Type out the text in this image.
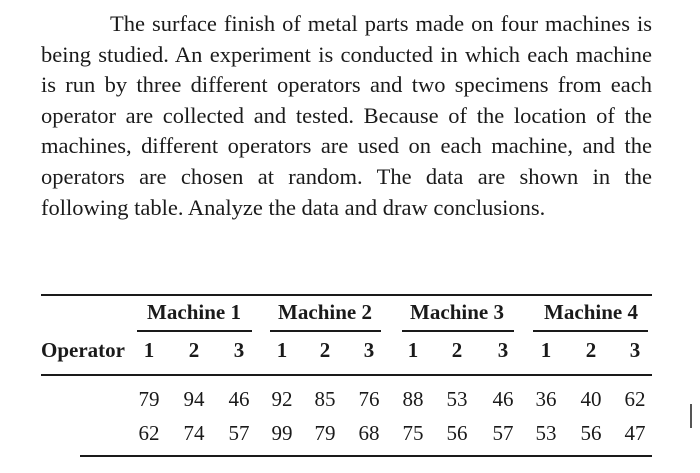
The surface finish of metal parts made on four machines is being studied. An experiment is conducted in which each machine is run by three different operators and two specimens from each operator are collected and tested. Because of the location of the machines, different operators are used on each machine, and the operators are chosen at random. The data are shown in the following table. Analyze the data and draw conclusions.

Machine 1 Machine 2 Machine 3 Machine 4
Operator 1 2 3 1 2 3 1 2 3 1 2 3
79 94 46 92 85 76 88 53 46 36 40 62
62 74 57 99 79 68 75 56 57 53 56 47
